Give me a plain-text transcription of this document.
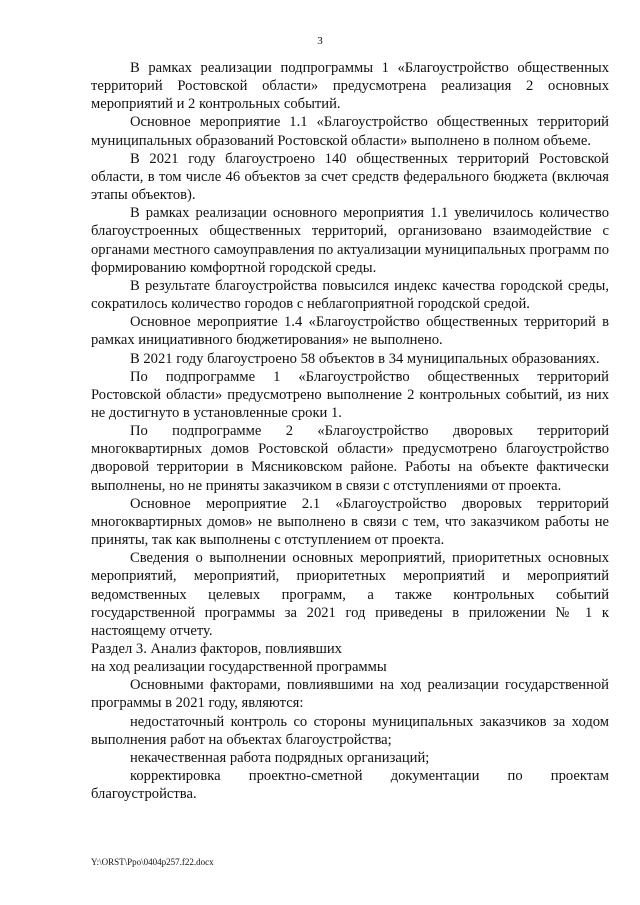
3

В рамках реализации подпрограммы 1 «Благоустройство общественных территорий Ростовской области» предусмотрена реализация 2 основных мероприятий и 2 контрольных событий.

Основное мероприятие 1.1 «Благоустройство общественных территорий муниципальных образований Ростовской области» выполнено в полном объеме.

В 2021 году благоустроено 140 общественных территорий Ростовской области, в том числе 46 объектов за счет средств федерального бюджета (включая этапы объектов).

В рамках реализации основного мероприятия 1.1 увеличилось количество благоустроенных общественных территорий, организовано взаимодействие с органами местного самоуправления по актуализации муниципальных программ по формированию комфортной городской среды.

В результате благоустройства повысился индекс качества городской среды, сократилось количество городов с неблагоприятной городской средой.

Основное мероприятие 1.4 «Благоустройство общественных территорий в рамках инициативного бюджетирования» не выполнено.

В 2021 году благоустроено 58 объектов в 34 муниципальных образованиях.

По подпрограмме 1 «Благоустройство общественных территорий Ростовской области» предусмотрено выполнение 2 контрольных событий, из них не достигнуто в установленные сроки 1.

По подпрограмме 2 «Благоустройство дворовых территорий многоквартирных домов Ростовской области» предусмотрено благоустройство дворовой территории в Мясниковском районе. Работы на объекте фактически выполнены, но не приняты заказчиком в связи с отступлениями от проекта.

Основное мероприятие 2.1 «Благоустройство дворовых территорий многоквартирных домов» не выполнено в связи с тем, что заказчиком работы не приняты, так как выполнены с отступлением от проекта.

Сведения о выполнении основных мероприятий, приоритетных основных мероприятий, мероприятий, приоритетных мероприятий и мероприятий ведомственных целевых программ, а также контрольных событий государственной программы за 2021 год приведены в приложении № 1 к настоящему отчету.

Раздел 3. Анализ факторов, повлиявших
на ход реализации государственной программы

Основными факторами, повлиявшими на ход реализации государственной программы в 2021 году, являются:

недостаточный контроль со стороны муниципальных заказчиков за ходом выполнения работ на объектах благоустройства;

некачественная работа подрядных организаций;

корректировка проектно-сметной документации по проектам благоустройства.

Y:\ORST\Ppo\0404p257.f22.docx
